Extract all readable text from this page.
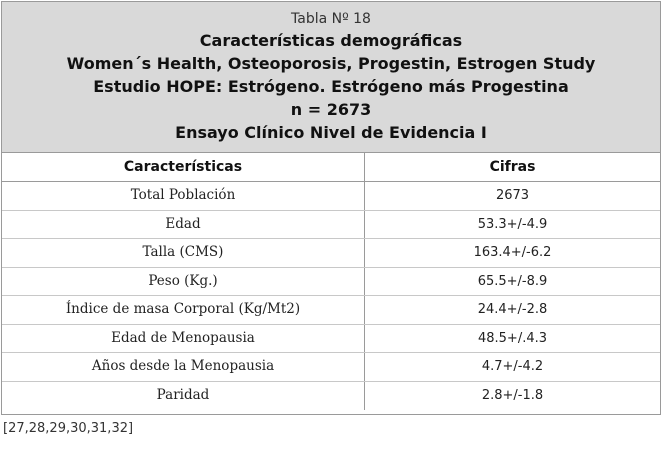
Tabla Nº 18
Características demográficas
Women´s Health, Osteoporosis, Progestin, Estrogen Study
Estudio HOPE: Estrógeno. Estrógeno más Progestina
n = 2673
Ensayo Clínico Nivel de Evidencia I
Características	Cifras
Total Población	2673
Edad	53.3+/-4.9
Talla (CMS)	163.4+/-6.2
Peso (Kg.)	65.5+/-8.9
Índice de masa Corporal (Kg/Mt2)	24.4+/-2.8
Edad de Menopausia	48.5+/.4.3
Años desde la Menopausia	4.7+/-4.2
Paridad	2.8+/-1.8
[27,28,29,30,31,32]
